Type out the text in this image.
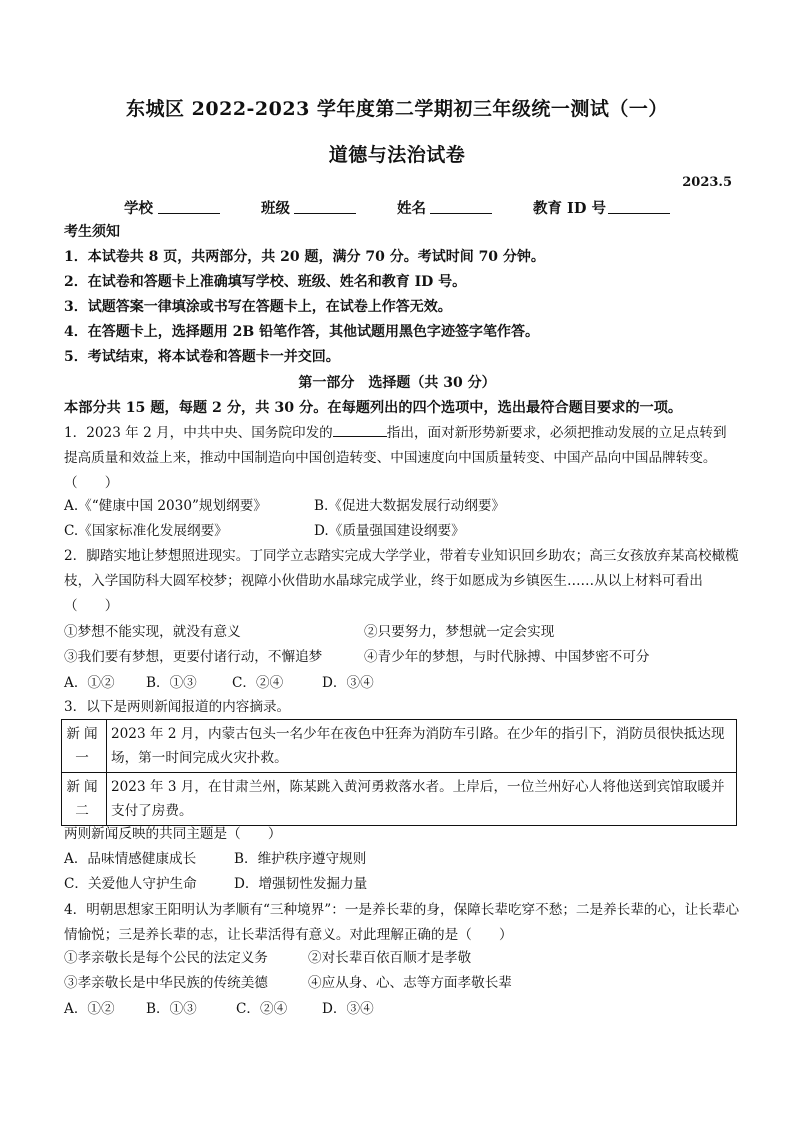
东城区 2022-2023 学年度第二学期初三年级统一测试（一）
道德与法治试卷
2023.5
学校	班级	姓名	教育 ID 号
考生须知
1．本试卷共 8 页，共两部分，共 20 题，满分 70 分。考试时间 70 分钟。
2．在试卷和答题卡上准确填写学校、班级、姓名和教育 ID 号。
3．试题答案一律填涂或书写在答题卡上，在试卷上作答无效。
4．在答题卡上，选择题用 2B 铅笔作答，其他试题用黑色字迹签字笔作答。
5．考试结束，将本试卷和答题卡一并交回。
第一部分　选择题（共 30 分）
本部分共 15 题，每题 2 分，共 30 分。在每题列出的四个选项中，选出最符合题目要求的一项。
1．2023 年 2 月，中共中央、国务院印发的	指出，面对新形势新要求，必须把推动发展的立足点转到提高质量和效益上来，推动中国制造向中国创造转变、中国速度向中国质量转变、中国产品向中国品牌转变。（　　）
A.《“健康中国 2030”规划纲要》	B.《促进大数据发展行动纲要》
C.《国家标准化发展纲要》	D.《质量强国建设纲要》
2．脚踏实地让梦想照进现实。丁同学立志踏实完成大学学业，带着专业知识回乡助农；高三女孩放弃某高校橄榄枝，入学国防科大圆军校梦；视障小伙借助水晶球完成学业，终于如愿成为乡镇医生……从以上材料可看出（　　）
①梦想不能实现，就没有意义	②只要努力，梦想就一定会实现
③我们要有梦想，更要付诸行动，不懈追梦	④青少年的梦想，与时代脉搏、中国梦密不可分
A．①② B．①③	C．②④	D．③④
3．以下是两则新闻报道的内容摘录。
新闻一	2023 年 2 月，内蒙古包头一名少年在夜色中狂奔为消防车引路。在少年的指引下，消防员很快抵达现场，第一时间完成火灾扑救。
新闻二	2023 年 3 月，在甘肃兰州，陈某跳入黄河勇救落水者。上岸后，一位兰州好心人将他送到宾馆取暖并支付了房费。
两则新闻反映的共同主题是（　　）
A．品味情感健康成长	B．维护秩序遵守规则
C．关爱他人守护生命	D．增强韧性发掘力量
4．明朝思想家王阳明认为孝顺有“三种境界”：一是养长辈的身，保障长辈吃穿不愁；二是养长辈的心，让长辈心情愉悦；三是养长辈的志，让长辈活得有意义。对此理解正确的是（　　）
①孝亲敬长是每个公民的法定义务	②对长辈百依百顺才是孝敬
③孝亲敬长是中华民族的传统美德	④应从身、心、志等方面孝敬长辈
A．①② B．①③	C．②④	D．③④
